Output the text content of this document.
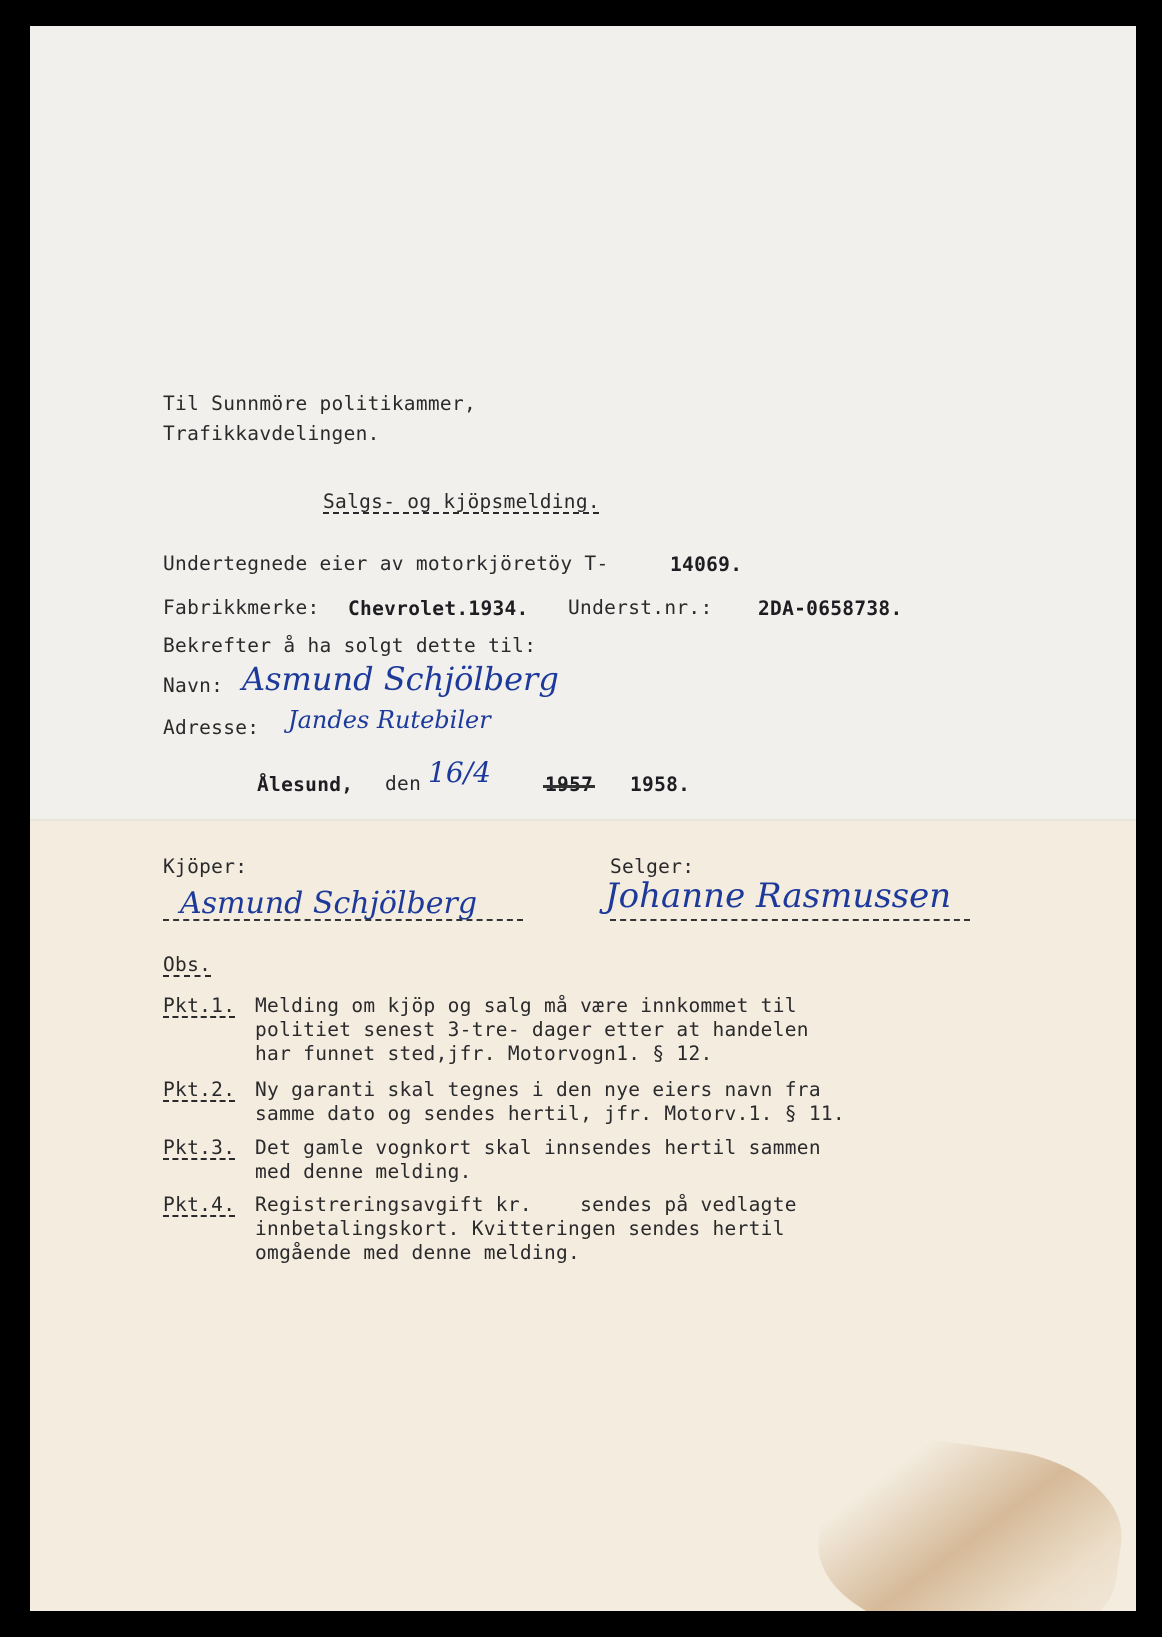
Til Sunnmöre politikammer,
Trafikkavdelingen.
Salgs- og kjöpsmelding.
Undertegnede eier av motorkjöretöy T-	14069.
Fabrikkmerke: Chevrolet.1934. Underst.nr.: 2DA-0658738.
Bekrefter å ha solgt dette til:
Navn: Asmund Schjölberg
Adresse: Jandes Rutebiler
Ålesund, den 16/4	1957 1958.
Kjöper:	Selger:
Asmund Schjölberg	Johanne Rasmussen
Obs.
Pkt.1. Melding om kjöp og salg må være innkommet til
politiet senest 3-tre- dager etter at handelen
har funnet sted,jfr. Motorvogn1. § 12.
Pkt.2. Ny garanti skal tegnes i den nye eiers navn fra
samme dato og sendes hertil, jfr. Motorv.1. § 11.
Pkt.3. Det gamle vognkort skal innsendes hertil sammen
med denne melding.
Pkt.4. Registreringsavgift kr.    sendes på vedlagte
innbetalingskort. Kvitteringen sendes hertil
omgående med denne melding.
